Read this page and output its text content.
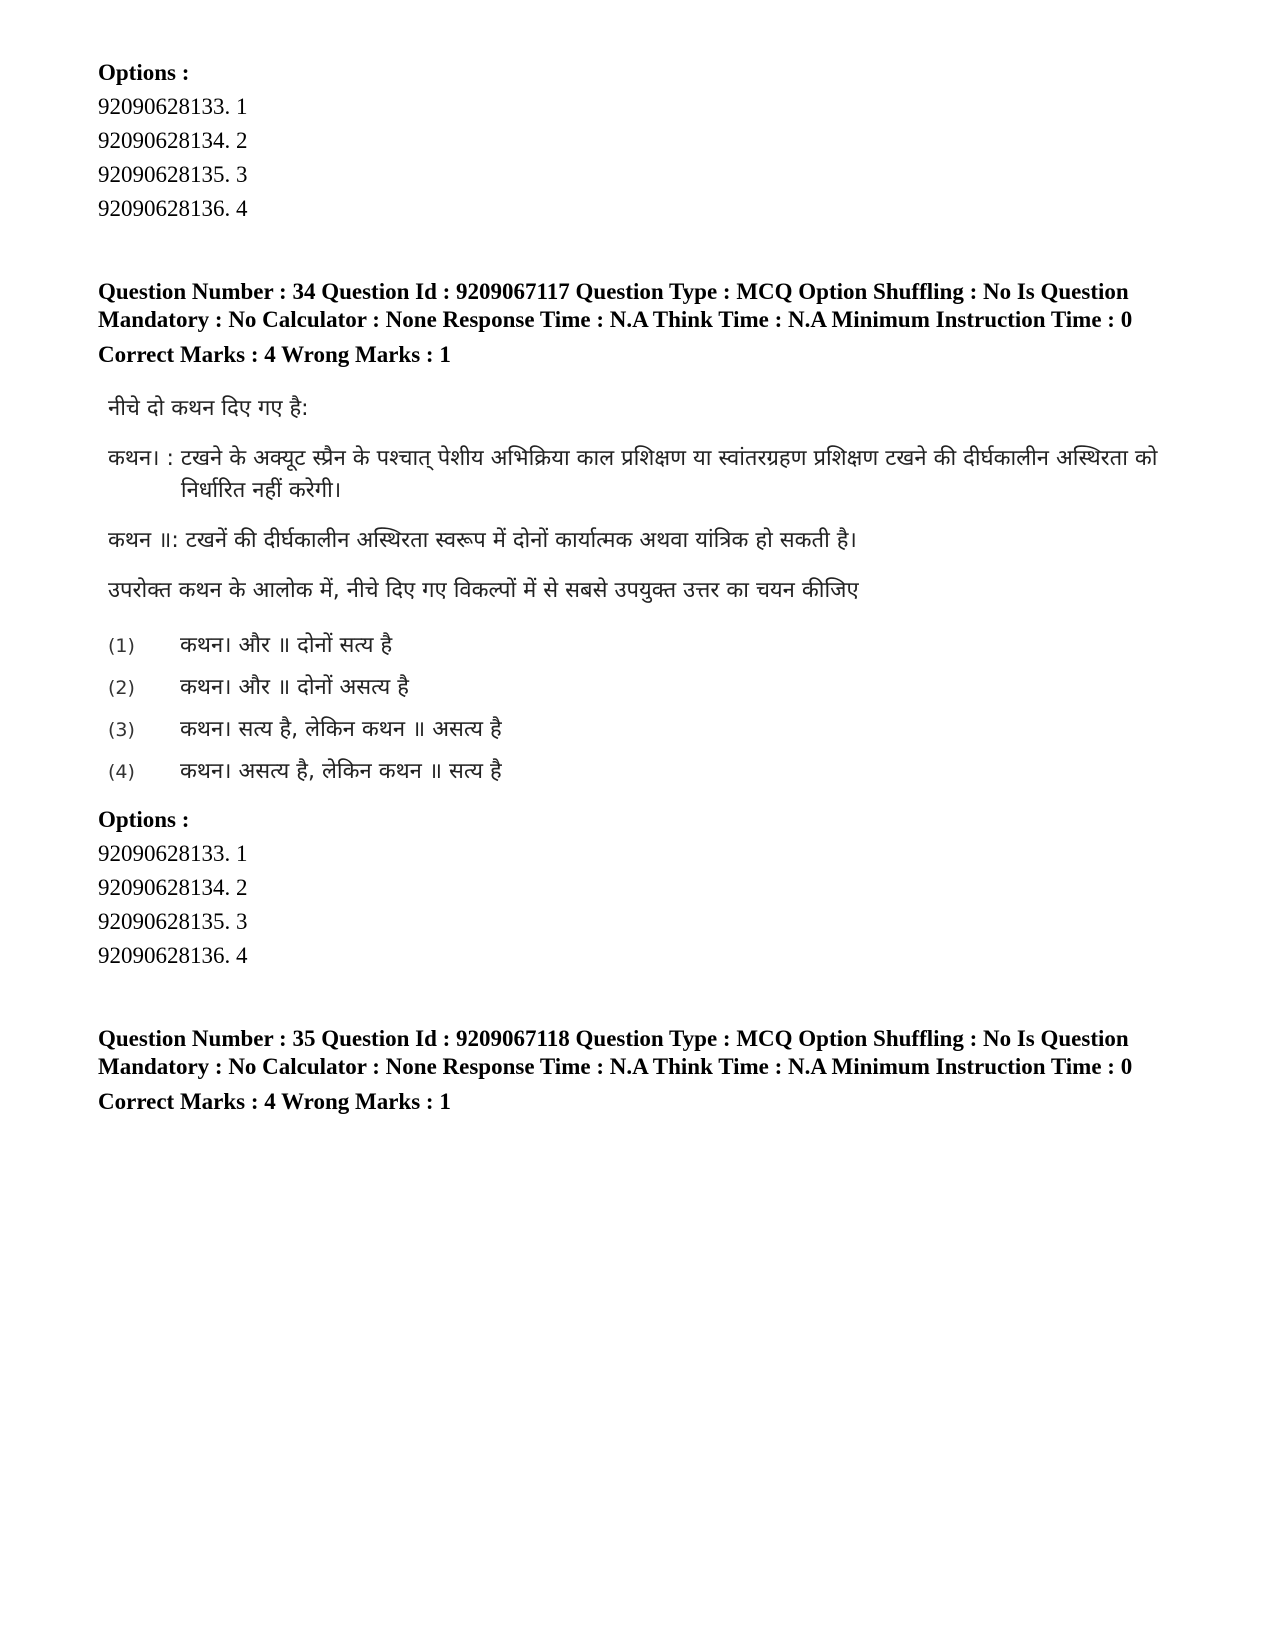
Options :
92090628133. 1
92090628134. 2
92090628135. 3
92090628136. 4
Question Number : 34 Question Id : 9209067117 Question Type : MCQ Option Shuffling : No Is Question Mandatory : No Calculator : None Response Time : N.A Think Time : N.A Minimum Instruction Time : 0
Correct Marks : 4 Wrong Marks : 1
नीचे दो कथन दिए गए है:
कथन। : टखने के अक्यूट स्प्रैन के पश्चात् पेशीय अभिक्रिया काल प्रशिक्षण या स्वांतरग्रहण प्रशिक्षण टखने की दीर्घकालीन अस्थिरता को निर्धारित नहीं करेगी।
कथन ॥: टखनें की दीर्घकालीन अस्थिरता स्वरूप में दोनों कार्यात्मक अथवा यांत्रिक हो सकती है।
उपरोक्त कथन के आलोक में, नीचे दिए गए विकल्पों में से सबसे उपयुक्त उत्तर का चयन कीजिए
(1)	कथन। और ॥ दोनों सत्य है
(2)	कथन। और ॥ दोनों असत्य है
(3)	कथन। सत्य है, लेकिन कथन ॥ असत्य है
(4)	कथन। असत्य है, लेकिन कथन ॥ सत्य है
Options :
92090628133. 1
92090628134. 2
92090628135. 3
92090628136. 4
Question Number : 35 Question Id : 9209067118 Question Type : MCQ Option Shuffling : No Is Question Mandatory : No Calculator : None Response Time : N.A Think Time : N.A Minimum Instruction Time : 0
Correct Marks : 4 Wrong Marks : 1
